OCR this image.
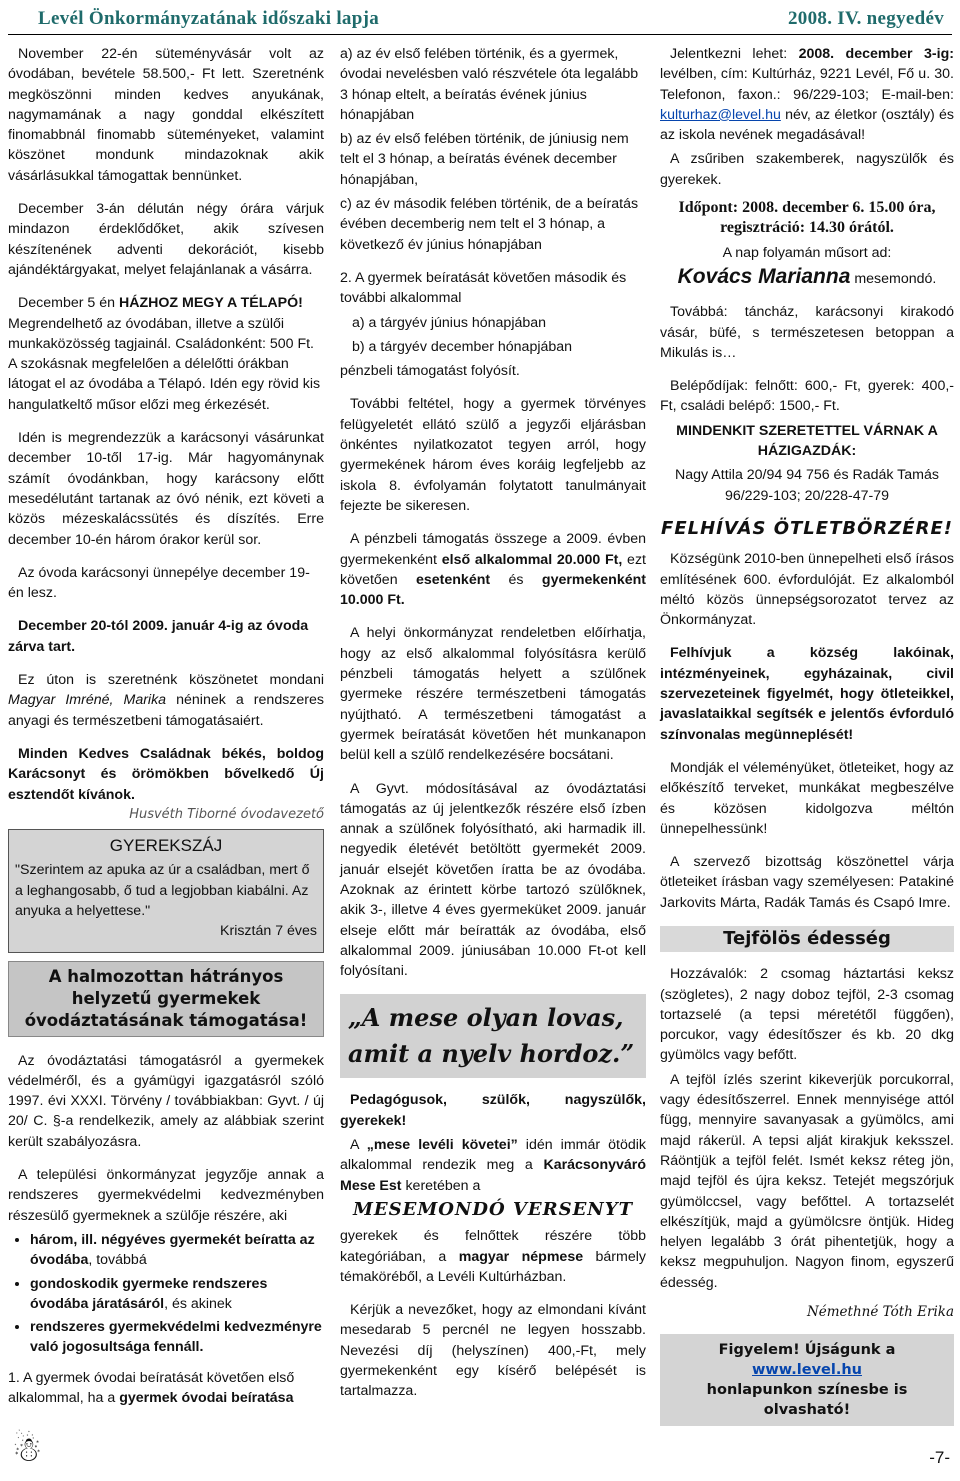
Levél Önkormányzatának időszaki lapja	2008. IV. negyedév

November 22-én süteményvásár volt az óvodában, bevétele 58.500,- Ft lett. Szeretnénk megköszönni minden kedves anyukának, nagymamának a nagy gonddal elkészített finomabbnál finomabb süteményeket, valamint köszönet mondunk mindazoknak akik vásárlásukkal támogattak bennünket.

December 3-án délután négy órára várjuk mindazon érdeklődőket, akik szívesen készítenének adventi dekorációt, kisebb ajándéktárgyakat, melyet felajánlanak a vásárra.

December 5 én HÁZHOZ MEGY A TÉLAPÓ! Megrendelhető az óvodában, illetve a szülői munkaközösség tagjainál. Családonként: 500 Ft. A szokásnak megfelelően a délelőtti órákban látogat el az óvodába a Télapó. Idén egy rövid kis hangulatkeltő műsor előzi meg érkezését.

Idén is megrendezzük a karácsonyi vásárunkat december 10-től 17-ig. Már hagyománynak számít óvodánkban, hogy karácsony előtt mesedélutánt tartanak az óvó nénik, ezt követi a közös mézeskalácssütés és díszítés. Erre december 10-én három órakor kerül sor.

Az óvoda karácsonyi ünnepélye december 19-én lesz.

December 20-tól 2009. január 4-ig az óvoda zárva tart.

Ez úton is szeretnénk köszönetet mondani Magyar Imréné, Marika néninek a rendszeres anyagi és természetbeni támogatásaiért.

Minden Kedves Családnak békés, boldog Karácsonyt és örömökben bővelkedő Új esztendőt kívánok.

Husvéth Tiborné óvodavezető
GYEREKSZÁJ
"Szerintem az apuka az úr a családban, mert ő a leghangosabb, ő tud a legjobban kiabálni. Az anyuka a helyettese."
Krisztán 7 éves
A halmozottan hátrányos helyzetű gyermekek óvodáztatásának támogatása!

Az óvodáztatási támogatásról a gyermekek védelméről, és a gyámügyi igazgatásról szóló 1997. évi XXXI. Törvény / továbbiakban: Gyvt. / új 20/ C. §-a rendelkezik, amely az alábbiak szerint került szabályozásra.

A települési önkormányzat jegyzője annak a rendszeres gyermekvédelmi kedvezményben részesülő gyermeknek a szülője részére, aki

• három, ill. négyéves gyermekét beíratta az óvodába, továbbá
• gondoskodik gyermeke rendszeres óvodába járatásáról, és akinek
• rendszeres gyermekvédelmi kedvezményre való jogosultsága fennáll.

1. A gyermek óvodai beíratását követően első alkalommal, ha a gyermek óvodai beíratása

☃

a) az év első felében történik, és a gyermek, óvodai nevelésben való részvétele óta legalább 3 hónap eltelt, a beíratás évének június hónapjában

b) az év első felében történik, de júniusig nem telt el 3 hónap, a beíratás évének december hónapjában,

c) az év második felében történik, de a beíratás évében decemberig nem telt el 3 hónap, a következő év június hónapjában

2. A gyermek beíratását követően második és további alkalommal

a) a tárgyév június hónapjában

b) a tárgyév december hónapjában

pénzbeli támogatást folyósít.

További feltétel, hogy a gyermek törvényes felügyeletét ellátó szülő a jegyzői eljárásban önkéntes nyilatkozatot tegyen arról, hogy gyermekének három éves koráig legfeljebb az iskola 8. évfolyamán folytatott tanulmányait fejezte be sikeresen.

A pénzbeli támogatás összege a 2009. évben gyermekenként első alkalommal 20.000 Ft, ezt követően esetenként és gyermekenként 10.000 Ft.

A helyi önkormányzat rendeletben előírhatja, hogy az első alkalommal folyósításra kerülő pénzbeli támogatás helyett a szülőnek gyermeke részére természetbeni támogatás nyújtható. A természetbeni támogatást a gyermek beíratását követően hét munkanapon belül kell a szülő rendelkezésére bocsátani.

A Gyvt. módosításával az óvodáztatási támogatás az új jelentkezők részére első ízben annak a szülőnek folyósítható, aki harmadik ill. negyedik életévét betöltött gyermekét 2009. január elsejét követően íratta be az óvodába. Azoknak az érintett körbe tartozó szülőknek, akik 3-, illetve 4 éves gyermeküket 2009. január elseje előtt már beíratták az óvodába, első alkalommal 2009. júniusában 10.000 Ft-ot kell folyósítani.

„A mese olyan lovas, amit a nyelv hordoz.”

Pedagógusok, szülők, nagyszülők, gyerekek!

A „mese levéli követei” idén immár ötödik alkalommal rendezik meg a Karácsonyváró Mese Est keretében a

MESEMONDÓ VERSENYT

gyerekek és felnőttek részére több kategóriában, a magyar népmese bármely témaköréből, a Levéli Kultúrházban.

Kérjük a nevezőket, hogy az elmondani kívánt mesedarab 5 percnél ne legyen hosszabb. Nevezési díj (helyszínen) 400,-Ft, mely gyermekenként egy kísérő belépését is tartalmazza.

Jelentkezni lehet: 2008. december 3-ig: levélben, cím: Kultúrház, 9221 Levél, Fő u. 30. Telefonon, faxon.: 96/229-103; E-mail-ben: kulturhaz@level.hu név, az életkor (osztály) és az iskola nevének megadásával!

A zsűriben szakemberek, nagyszülők és gyerekek.

Időpont: 2008. december 6. 15.00 óra, regisztráció: 14.30 órától.

A nap folyamán műsort ad:

Kovács Marianna mesemondó.

Továbbá: táncház, karácsonyi kirakodó vásár, büfé, s természetesen betoppan a Mikulás is…

Belépődíjak: felnőtt: 600,- Ft, gyerek: 400,- Ft, családi belépő: 1500,- Ft.

MINDENKIT SZERETETTEL VÁRNAK A HÁZIGAZDÁK:

Nagy Attila 20/94 94 756 és Radák Tamás 96/229-103; 20/228-47-79

FELHÍVÁS ÖTLETBÖRZÉRE!

Községünk 2010-ben ünnepelheti első írásos említésének 600. évfordulóját. Ez alkalomból méltó közös ünnepségsorozatot tervez az Önkormányzat.

Felhívjuk a község lakóinak, intézményeinek, egyházainak, civil szervezeteinek figyelmét, hogy ötleteikkel, javaslataikkal segítsék e jelentős évforduló színvonalas megünneplését!

Mondják el véleményüket, ötleteiket, hogy az előkészítő terveket, munkákat megbeszélve és közösen kidolgozva méltón ünnepelhessünk!

A szervező bizottság köszönettel várja ötleteiket írásban vagy személyesen: Patakiné Jarkovits Márta, Radák Tamás és Csapó Imre.

Tejfölös édesség

Hozzávalók: 2 csomag háztartási keksz (szögletes), 2 nagy doboz tejföl, 2-3 csomag tortazselé (a tepsi méretétől függően), porcukor, vagy édesítőszer és kb. 20 dkg gyümölcs vagy befőtt.

A tejföl ízlés szerint kikeverjük porcukorral, vagy édesítőszerrel. Ennek mennyisége attól függ, mennyire savanyasak a gyümölcs, ami majd rákerül. A tepsi alját kirakjuk keksszel. Ráöntjük a tejföl felét. Ismét keksz réteg jön, majd tejföl és újra keksz. Tetejét megszórjuk gyümölccsel, vagy befőttel. A tortazselét elkészítjük, majd a gyümölcsre öntjük. Hideg helyen legalább 3 órát pihentetjük, hogy a keksz megpuhuljon. Nagyon finom, egyszerű édesség.

Némethné Tóth Erika
Figyelem! Újságunk a
www.level.hu
honlapunkon színesbe is olvasható!
-7-
